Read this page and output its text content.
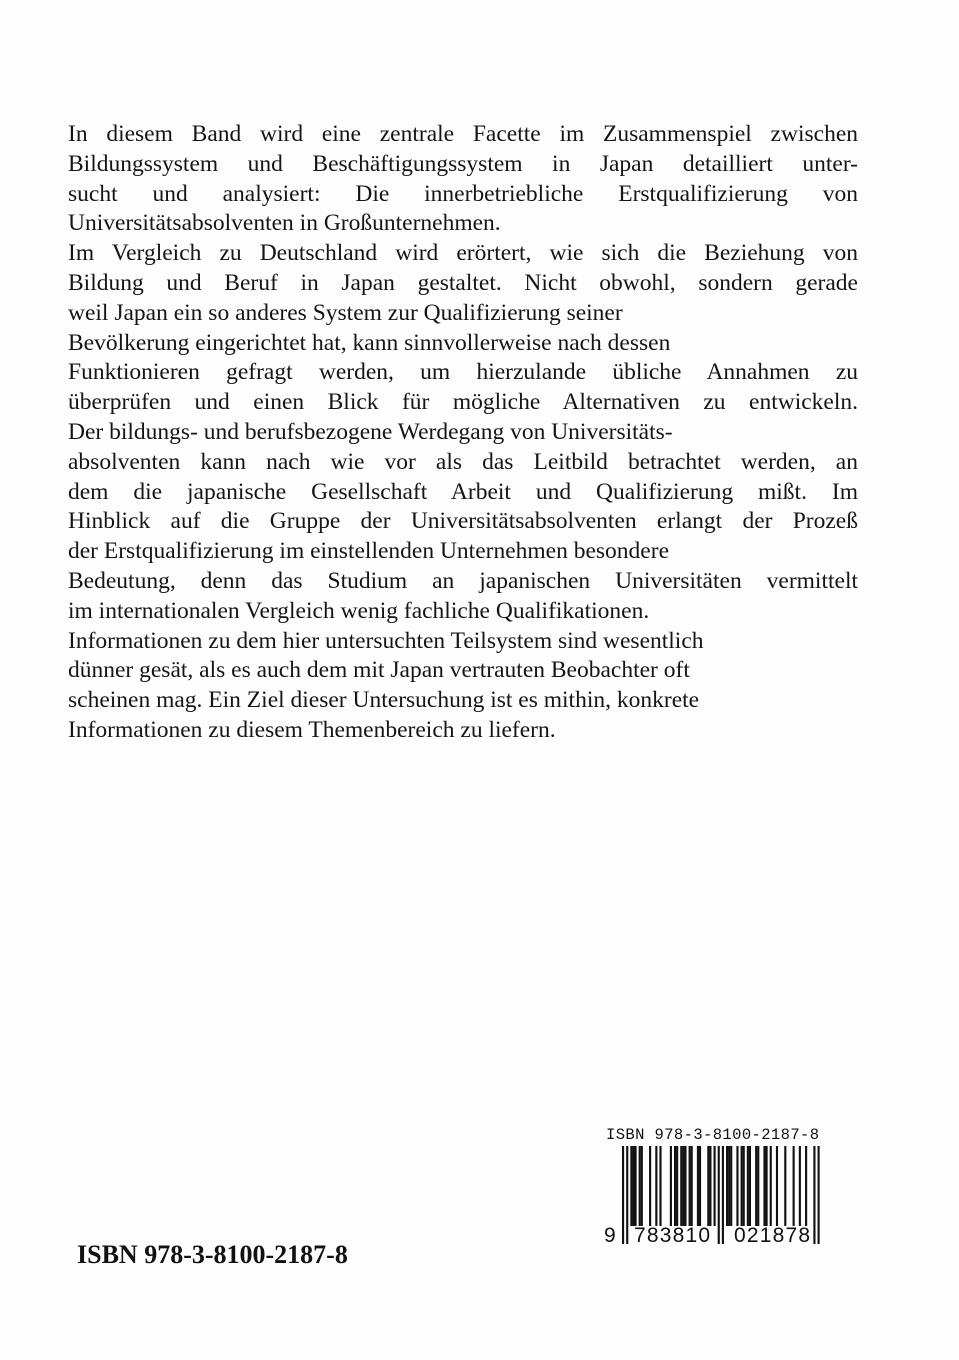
In diesem Band wird eine zentrale Facette im Zusammenspiel zwischen
Bildungssystem und Beschäftigungssystem in Japan detailliert unter-
sucht und analysiert: Die innerbetriebliche Erstqualifizierung von
Universitätsabsolventen in Großunternehmen.
Im Vergleich zu Deutschland wird erörtert, wie sich die Beziehung von
Bildung und Beruf in Japan gestaltet. Nicht obwohl, sondern gerade
weil Japan ein so anderes System zur Qualifizierung seiner
Bevölkerung eingerichtet hat, kann sinnvollerweise nach dessen
Funktionieren gefragt werden, um hierzulande übliche Annahmen zu
überprüfen und einen Blick für mögliche Alternativen zu entwickeln.
Der bildungs- und berufsbezogene Werdegang von Universitäts-
absolventen kann nach wie vor als das Leitbild betrachtet werden, an
dem die japanische Gesellschaft Arbeit und Qualifizierung mißt. Im
Hinblick auf die Gruppe der Universitätsabsolventen erlangt der Prozeß
der Erstqualifizierung im einstellenden Unternehmen besondere
Bedeutung, denn das Studium an japanischen Universitäten vermittelt
im internationalen Vergleich wenig fachliche Qualifikationen.
Informationen zu dem hier untersuchten Teilsystem sind wesentlich
dünner gesät, als es auch dem mit Japan vertrauten Beobachter oft
scheinen mag. Ein Ziel dieser Untersuchung ist es mithin, konkrete
Informationen zu diesem Themenbereich zu liefern.
ISBN 978-3-8100-2187-8
ISBN 978-3-8100-2187-8
9 783810 021878
